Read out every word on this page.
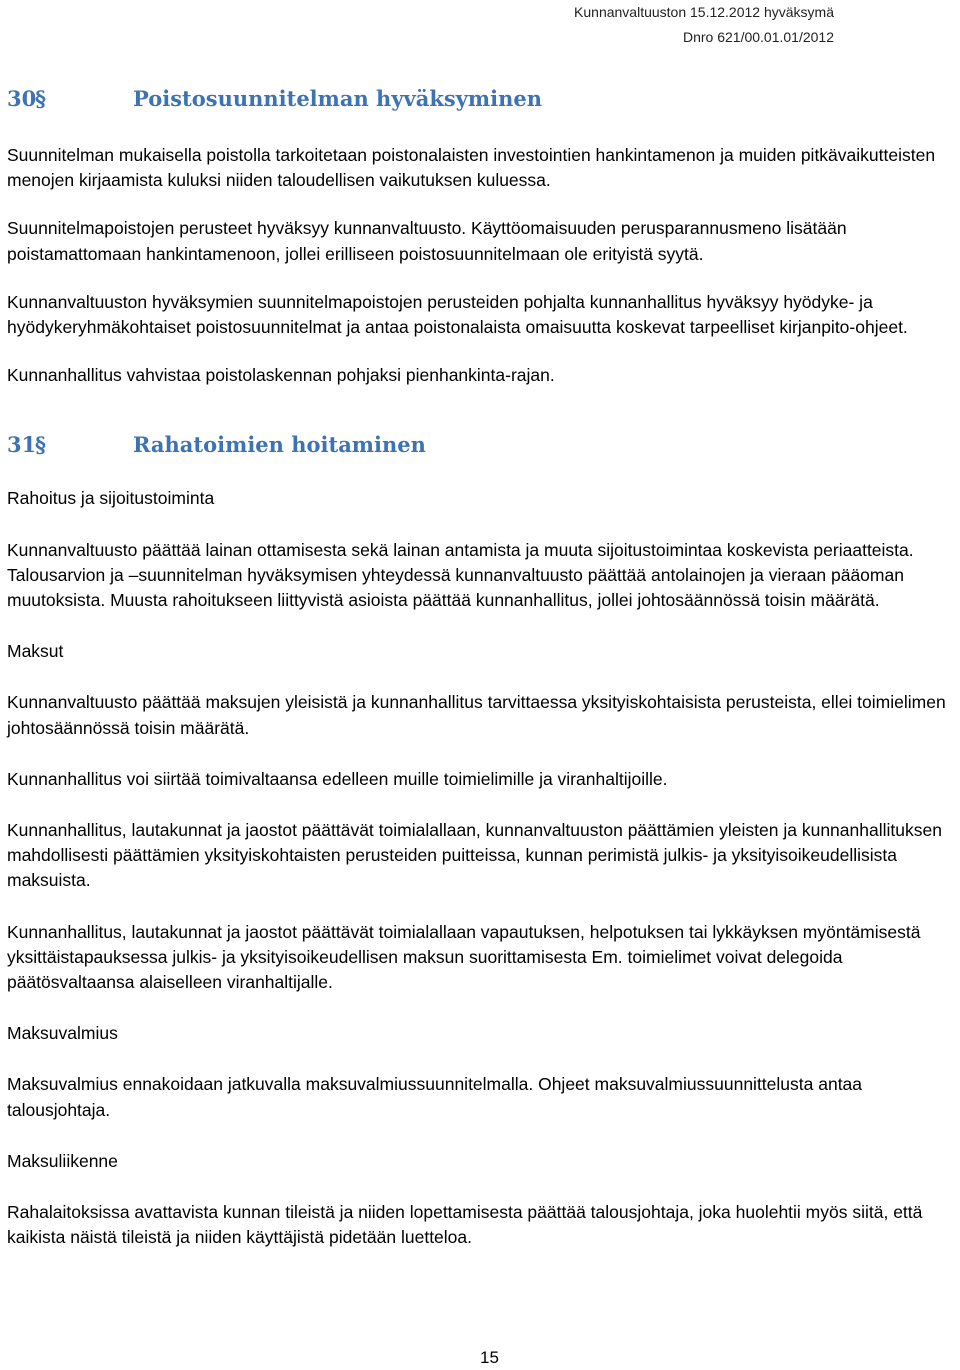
Kunnanvaltuuston 15.12.2012 hyväksymä
Dnro 621/00.01.01/2012
30
§	Poistosuunnitelman hyväksyminen

Suunnitelman mukaisella poistolla tarkoitetaan poistonalaisten investointien hankintamenon ja muiden pitkävaikutteisten menojen kirjaamista kuluksi niiden taloudellisen vaikutuksen kuluessa.

Suunnitelmapoistojen perusteet hyväksyy kunnanvaltuusto. Käyttöomaisuuden perusparannusmeno lisätään poistamattomaan hankintamenoon, jollei erilliseen poistosuunnitelmaan ole erityistä syytä.

Kunnanvaltuuston hyväksymien suunnitelmapoistojen perusteiden pohjalta kunnanhallitus hyväksyy hyödyke- ja hyödykeryhmäkohtaiset poistosuunnitelmat ja antaa poistonalaista omaisuutta koskevat tarpeelliset kirjanpito-ohjeet.

Kunnanhallitus vahvistaa poistolaskennan pohjaksi pienhankinta-rajan.

31
§	Rahatoimien hoitaminen
Rahoitus ja sijoitustoiminta

Kunnanvaltuusto päättää lainan ottamisesta sekä lainan antamista ja muuta sijoitustoimintaa koskevista periaatteista. Talousarvion ja –suunnitelman hyväksymisen yhteydessä kunnanvaltuusto päättää antolainojen ja vieraan pääoman muutoksista. Muusta rahoitukseen liittyvistä asioista päättää kunnanhallitus, jollei johtosäännössä toisin määrätä.

Maksut

Kunnanvaltuusto päättää maksujen yleisistä ja kunnanhallitus tarvittaessa yksityiskohtaisista perusteista, ellei toimielimen johtosäännössä toisin määrätä.

Kunnanhallitus voi siirtää toimivaltaansa edelleen muille toimielimille ja viranhaltijoille.

Kunnanhallitus, lautakunnat ja jaostot päättävät toimialallaan, kunnanvaltuuston päättämien yleisten ja kunnanhallituksen mahdollisesti päättämien yksityiskohtaisten perusteiden puitteissa, kunnan perimistä julkis- ja yksityisoikeudellisista maksuista.

Kunnanhallitus, lautakunnat ja jaostot päättävät toimialallaan vapautuksen, helpotuksen tai lykkäyksen myöntämisestä yksittäistapauksessa julkis- ja yksityisoikeudellisen maksun suorittamisesta Em. toimielimet voivat delegoida päätösvaltaansa alaiselleen viranhaltijalle.

Maksuvalmius

Maksuvalmius ennakoidaan jatkuvalla maksuvalmiussuunnitelmalla. Ohjeet maksuvalmiussuunnittelusta antaa talousjohtaja.

Maksuliikenne

Rahalaitoksissa avattavista kunnan tileistä ja niiden lopettamisesta päättää talousjohtaja, joka huolehtii myös siitä, että kaikista näistä tileistä ja niiden käyttäjistä pidetään luetteloa.

15
